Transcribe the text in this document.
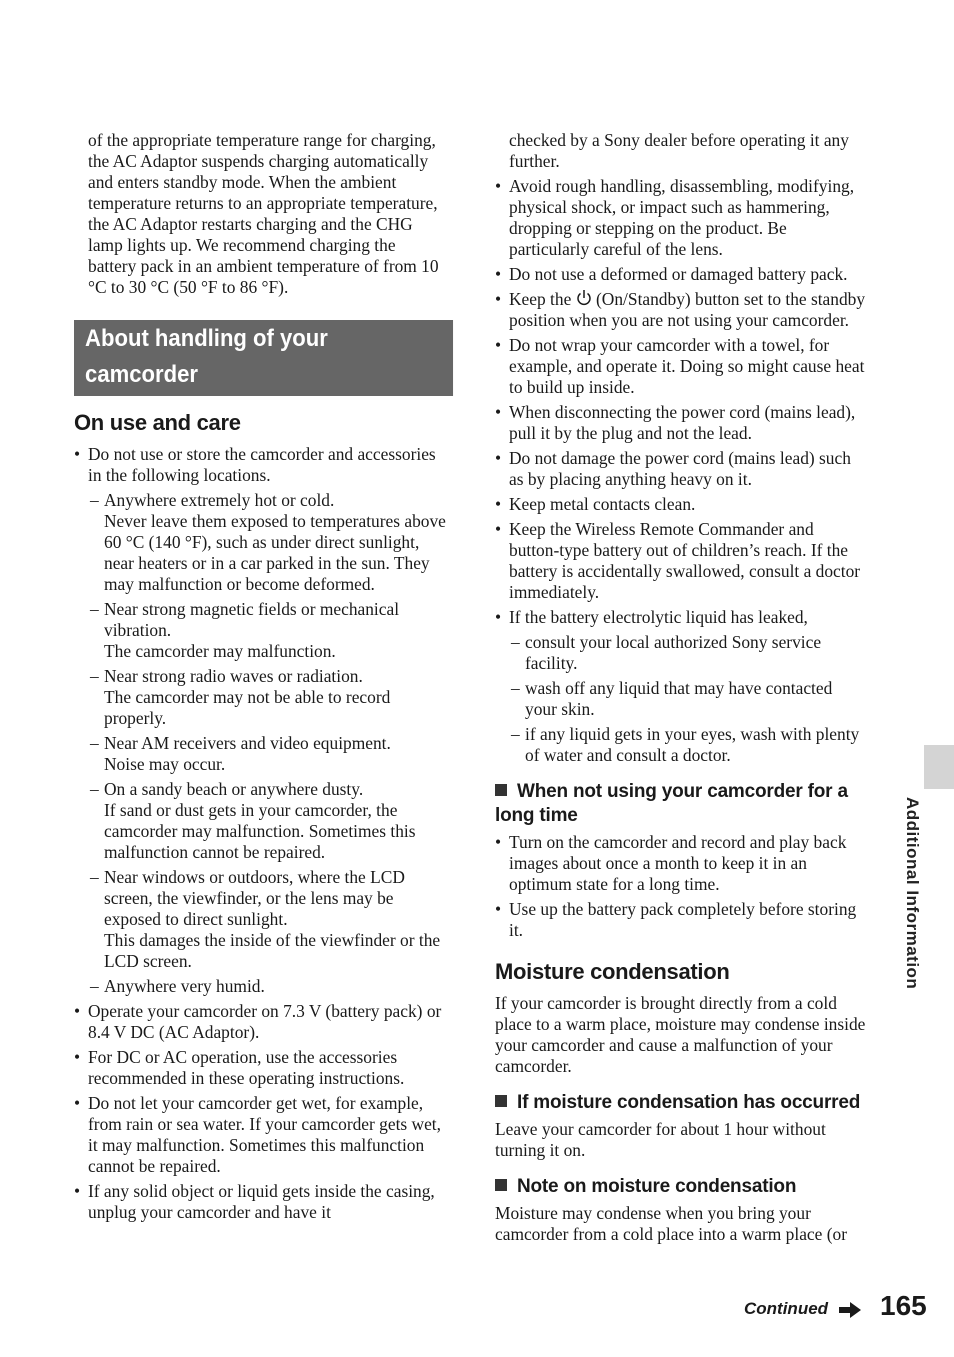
of the appropriate temperature range for charging, the AC Adaptor suspends charging automatically and enters standby mode. When the ambient temperature returns to an appropriate temperature, the AC Adaptor restarts charging and the CHG lamp lights up. We recommend charging the battery pack in an ambient temperature of from 10 °C to 30 °C (50 °F to 86 °F).

About handling of your
camcorder
On use and care
• Do not use or store the camcorder and accessories in the following locations.
– Anywhere extremely hot or cold.
Never leave them exposed to temperatures above 60 °C (140 °F), such as under direct sunlight, near heaters or in a car parked in the sun. They may malfunction or become deformed.
– Near strong magnetic fields or mechanical vibration.
The camcorder may malfunction.
– Near strong radio waves or radiation.
The camcorder may not be able to record properly.
– Near AM receivers and video equipment.
Noise may occur.
– On a sandy beach or anywhere dusty.
If sand or dust gets in your camcorder, the camcorder may malfunction. Sometimes this malfunction cannot be repaired.
– Near windows or outdoors, where the LCD screen, the viewfinder, or the lens may be exposed to direct sunlight.
This damages the inside of the viewfinder or the LCD screen.
– Anywhere very humid.
• Operate your camcorder on 7.3 V (battery pack) or 8.4 V DC (AC Adaptor).
• For DC or AC operation, use the accessories recommended in these operating instructions.
• Do not let your camcorder get wet, for example, from rain or sea water. If your camcorder gets wet, it may malfunction. Sometimes this malfunction cannot be repaired.
• If any solid object or liquid gets inside the casing, unplug your camcorder and have it

checked by a Sony dealer before operating it any further.

• Avoid rough handling, disassembling, modifying, physical shock, or impact such as hammering, dropping or stepping on the product. Be particularly careful of the lens.
• Do not use a deformed or damaged battery pack.
• Keep the (On/Standby) button set to the standby position when you are not using your camcorder.
• Do not wrap your camcorder with a towel, for example, and operate it. Doing so might cause heat to build up inside.
• When disconnecting the power cord (mains lead), pull it by the plug and not the lead.
• Do not damage the power cord (mains lead) such as by placing anything heavy on it.
• Keep metal contacts clean.
• Keep the Wireless Remote Commander and button-type battery out of children’s reach. If the battery is accidentally swallowed, consult a doctor immediately.
• If the battery electrolytic liquid has leaked,
– consult your local authorized Sony service facility.
– wash off any liquid that may have contacted your skin.
– if any liquid gets in your eyes, wash with plenty of water and consult a doctor.
When not using your camcorder for a
long time
• Turn on the camcorder and record and play back images about once a month to keep it in an optimum state for a long time.
• Use up the battery pack completely before storing it.
Moisture condensation

If your camcorder is brought directly from a cold place to a warm place, moisture may condense inside your camcorder and cause a malfunction of your camcorder.

If moisture condensation has occurred

Leave your camcorder for about 1 hour without turning it on.

Note on moisture condensation

Moisture may condense when you bring your camcorder from a cold place into a warm place (or

Additional Information
Continued 165
